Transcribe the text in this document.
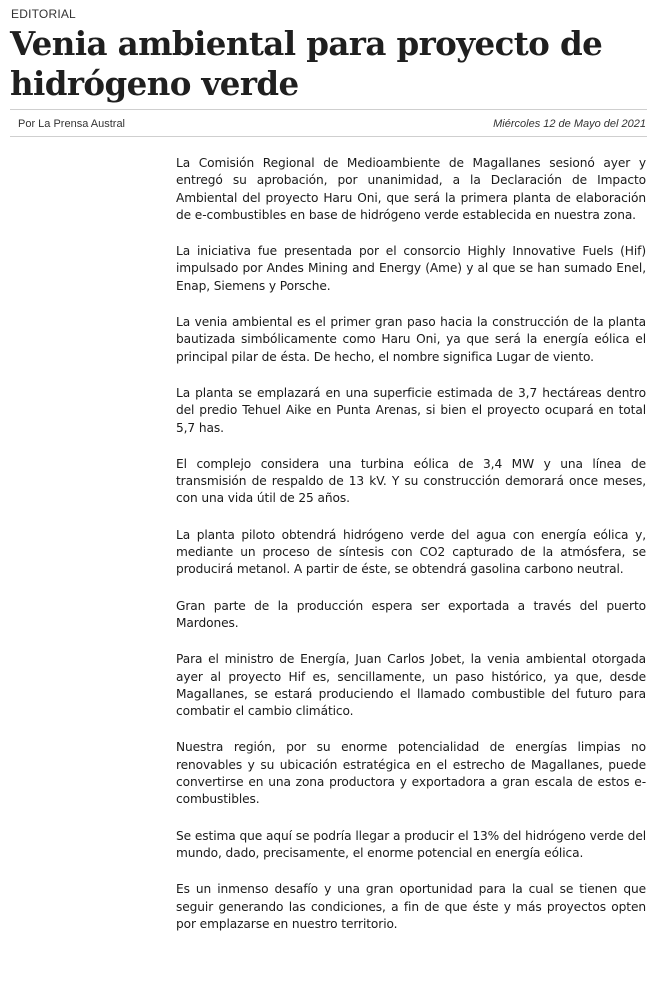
EDITORIAL
Venia ambiental para proyecto de hidrógeno verde
Por La Prensa Austral	Miércoles 12 de Mayo del 2021

La Comisión Regional de Medioambiente de Magallanes sesionó ayer y entregó su aprobación, por unanimidad, a la Declaración de Impacto Ambiental del proyecto Haru Oni, que será la primera planta de elaboración de e-combustibles en base de hidrógeno verde establecida en nuestra zona.

La iniciativa fue presentada por el consorcio Highly Innovative Fuels (Hif) impulsado por Andes Mining and Energy (Ame) y al que se han sumado Enel, Enap, Siemens y Porsche.

La venia ambiental es el primer gran paso hacia la construcción de la planta bautizada simbólicamente como Haru Oni, ya que será la energía eólica el principal pilar de ésta. De hecho, el nombre significa Lugar de viento.

La planta se emplazará en una superficie estimada de 3,7 hectáreas dentro del predio Tehuel Aike en Punta Arenas, si bien el proyecto ocupará en total 5,7 has.

El complejo considera una turbina eólica de 3,4 MW y una línea de transmisión de respaldo de 13 kV. Y su construcción demorará once meses, con una vida útil de 25 años.

La planta piloto obtendrá hidrógeno verde del agua con energía eólica y, mediante un proceso de síntesis con CO2 capturado de la atmósfera, se producirá metanol. A partir de éste, se obtendrá gasolina carbono neutral.

Gran parte de la producción espera ser exportada a través del puerto Mardones.

Para el ministro de Energía, Juan Carlos Jobet, la venia ambiental otorgada ayer al proyecto Hif es, sencillamente, un paso histórico, ya que, desde Magallanes, se estará produciendo el llamado combustible del futuro para combatir el cambio climático.

Nuestra región, por su enorme potencialidad de energías limpias no renovables y su ubicación estratégica en el estrecho de Magallanes, puede convertirse en una zona productora y exportadora a gran escala de estos e-combustibles.

Se estima que aquí se podría llegar a producir el 13% del hidrógeno verde del mundo, dado, precisamente, el enorme potencial en energía eólica.

Es un inmenso desafío y una gran oportunidad para la cual se tienen que seguir generando las condiciones, a fin de que éste y más proyectos opten por emplazarse en nuestro territorio.
